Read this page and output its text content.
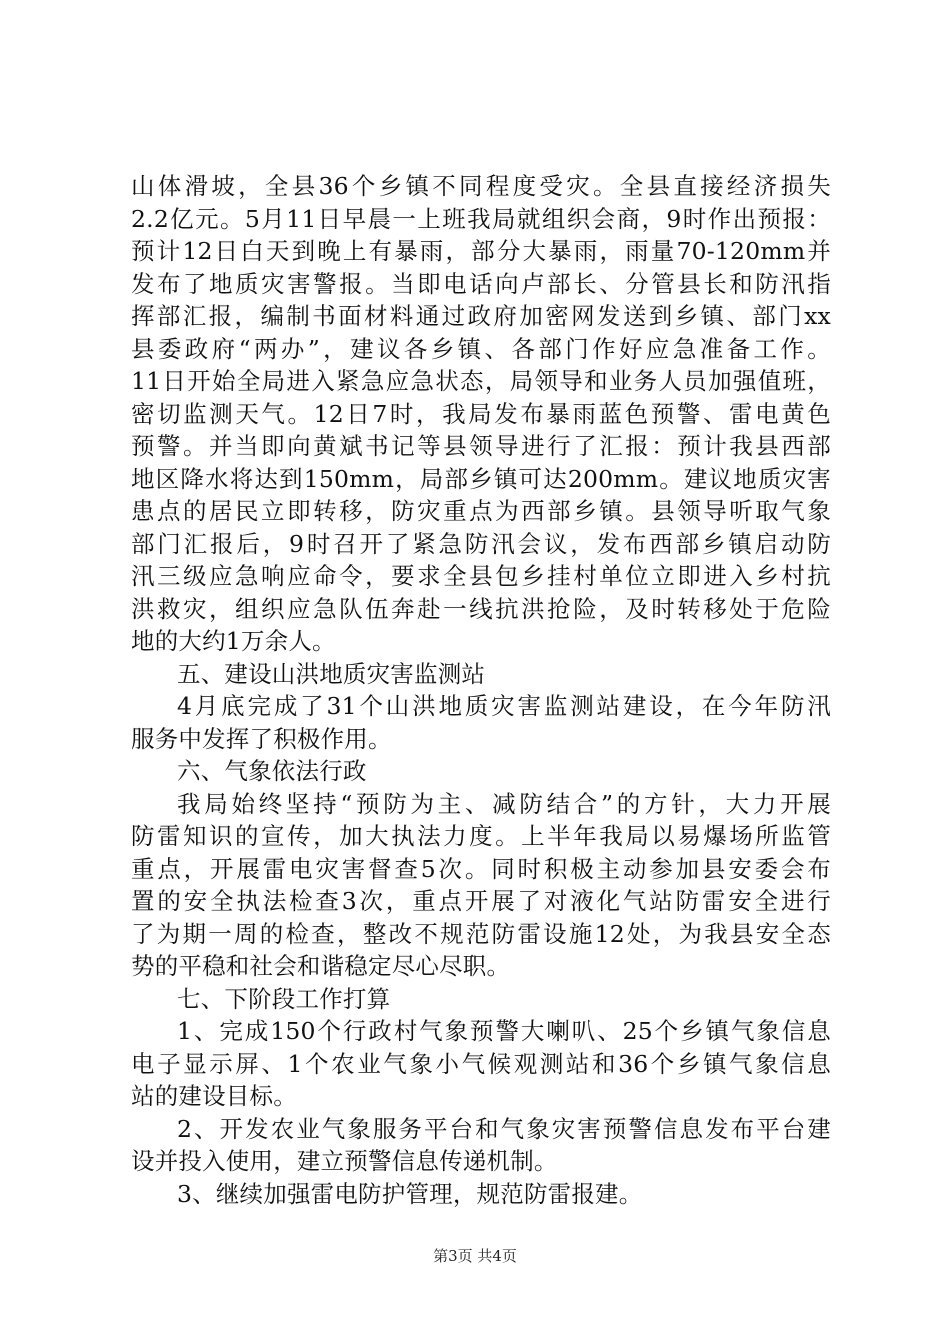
山体滑坡，全县36个乡镇不同程度受灾。全县直接经济损失
2.2亿元。5月11日早晨一上班我局就组织会商，9时作出预报：
预计12日白天到晚上有暴雨，部分大暴雨，雨量70-120mm并
发布了地质灾害警报。当即电话向卢部长、分管县长和防汛指
挥部汇报，编制书面材料通过政府加密网发送到乡镇、部门xx
县委政府“两办”，建议各乡镇、各部门作好应急准备工作。
11日开始全局进入紧急应急状态，局领导和业务人员加强值班，
密切监测天气。12日7时，我局发布暴雨蓝色预警、雷电黄色
预警。并当即向黄斌书记等县领导进行了汇报：预计我县西部
地区降水将达到150mm，局部乡镇可达200mm。建议地质灾害
患点的居民立即转移，防灾重点为西部乡镇。县领导听取气象
部门汇报后，9时召开了紧急防汛会议，发布西部乡镇启动防
汛三级应急响应命令，要求全县包乡挂村单位立即进入乡村抗
洪救灾，组织应急队伍奔赴一线抗洪抢险，及时转移处于危险
地的大约1万余人。
五、建设山洪地质灾害监测站
4月底完成了31个山洪地质灾害监测站建设，在今年防汛
服务中发挥了积极作用。
六、气象依法行政
我局始终坚持“预防为主、减防结合”的方针，大力开展
防雷知识的宣传，加大执法力度。上半年我局以易爆场所监管
重点，开展雷电灾害督查5次。同时积极主动参加县安委会布
置的安全执法检查3次，重点开展了对液化气站防雷安全进行
了为期一周的检查，整改不规范防雷设施12处，为我县安全态
势的平稳和社会和谐稳定尽心尽职。
七、下阶段工作打算
1、完成150个行政村气象预警大喇叭、25个乡镇气象信息
电子显示屏、1个农业气象小气候观测站和36个乡镇气象信息
站的建设目标。
2、开发农业气象服务平台和气象灾害预警信息发布平台建
设并投入使用，建立预警信息传递机制。
3、继续加强雷电防护管理，规范防雷报建。
第3页 共4页
